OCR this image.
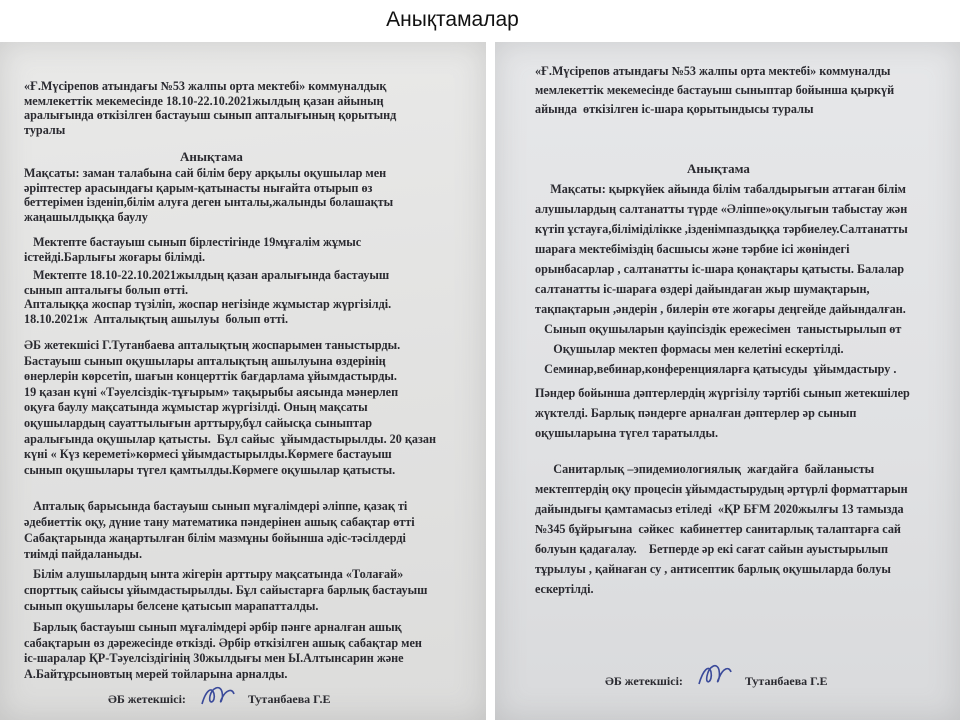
Анықтамалар
«Ғ.Мүсірепов атындағы №53 жалпы орта мектебі» коммуналдық
мемлекеттік мекемесінде 18.10-22.10.2021жылдың қазан айының
аралығында өткізілген бастауыш сынып апталығының қорытынд
туралы
Анықтама
Мақсаты: заман талабына сай білім беру арқылы оқушылар мен
әріптестер арасындағы қарым-қатынасты нығайта отырып өз
беттерімен ізденіп,білім алуға деген ынталы,жалынды болашақты
жаңашылдыққа баулу
Мектепте бастауыш сынып бірлестігінде 19мұғалім жұмыс
істейді.Барлығы жоғары білімді.
Мектепте 18.10-22.10.2021жылдың қазан аралығында бастауыш
сынып апталығы болып өтті.
Апталыққа жоспар түзіліп, жоспар негізінде жұмыстар жүргізілді.
18.10.2021ж  Апталықтың ашылуы  болып өтті.
ӘБ жетекшісі Г.Тутанбаева апталықтың жоспарымен таныстырды.
Бастауыш сынып оқушылары апталықтың ашылуына өздерінің
өнерлерін көрсетіп, шағын концерттік бағдарлама ұйымдастырды.
19 қазан күні «Тәуелсіздік-тұғырым» тақырыбы аясында мәнерлеп
оқуға баулу мақсатында жұмыстар жүргізілді. Оның мақсаты
оқушылардың сауаттылығын арттыру,бұл сайысқа сыныптар
аралығында оқушылар қатысты.  Бұл сайыс  ұйымдастырылды. 20 қазан
күні « Күз кереметі»көрмесі ұйымдастырылды.Көрмеге бастауыш
сынып оқушылары түгел қамтылды.Көрмеге оқушылар қатысты.
Апталық барысында бастауыш сынып мұғалімдері әліппе, қазақ ті
әдебиеттік оқу, дүние тану математика пәндерінен ашық сабақтар өтті
Сабақтарында жаңартылған білім мазмұны бойынша әдіс-тәсілдерді
тиімді пайдаланыды.
Білім алушылардың ынта жігерін арттыру мақсатында «Толағай»
спорттық сайысы ұйымдастырылды. Бұл сайыстарға барлық бастауыш
сынып оқушылары белсене қатысып марапатталды.
Барлық бастауыш сынып мұғалімдері әрбір пәнге арналған ашық
сабақтарын өз дәрежесінде өткізді. Әрбір өткізілген ашық сабақтар мен
іс-шаралар ҚР-Тәуелсіздігінің 30жылдығы мен Ы.Алтынсарин және
А.Байтұрсыновтың мерей тойларына арналды.
ӘБ жетекшісі:	Тутанбаева Г.Е
«Ғ.Мүсірепов атындағы №53 жалпы орта мектебі» коммуналды
мемлекеттік мекемесінде бастауыш сыныптар бойынша қыркүй
айында  өткізілген іс-шара қорытындысы туралы
Анықтама
Мақсаты: қыркүйек айында білім табалдырығын аттаған білім
алушылардың салтанатты түрде «Әліппе»оқулығын табыстау жән
күтіп ұстауға,біліміділікке ,ізденімпаздыққа тәрбиелеу.Салтанатты
шараға мектебіміздің басшысы және тәрбие ісі жөніндегі
орынбасарлар , салтанатты іс-шара қонақтары қатысты. Балалар
салтанатты іс-шараға өздері дайындаған жыр шумақтарын,
тақпақтарын ,әндерін , билерін өте жоғары деңгейде дайындалған.
Сынып оқушыларын қауіпсіздік ережесімен  таныстырылып өт
Оқушылар мектеп формасы мен келетіні ескертілді.
Семинар,вебинар,конференцияларға қатысуды  ұйымдастыру .
Пәндер бойынша дәптерлердің жүргізілу тәртібі сынып жетекшілер
жүктелді. Барлық пәндерге арналған дәптерлер әр сынып
оқушыларына түгел таратылды.
Санитарлық –эпидемиологиялық  жағдайға  байланысты
мектептердің оқу процесін ұйымдастырудың әртүрлі форматтарын
дайындығы қамтамасыз етіледі  «ҚР БҒМ 2020жылғы 13 тамызда
№345 бұйрығына  сәйкес  кабинеттер санитарлық талаптарға сай
болуын қадағалау.    Бетперде әр екі сағат сайын ауыстырылып
тұрылуы , қайнаған су , антисептик барлық оқушыларда болуы
ескертілді.
ӘБ жетекшісі:	Тутанбаева Г.Е
